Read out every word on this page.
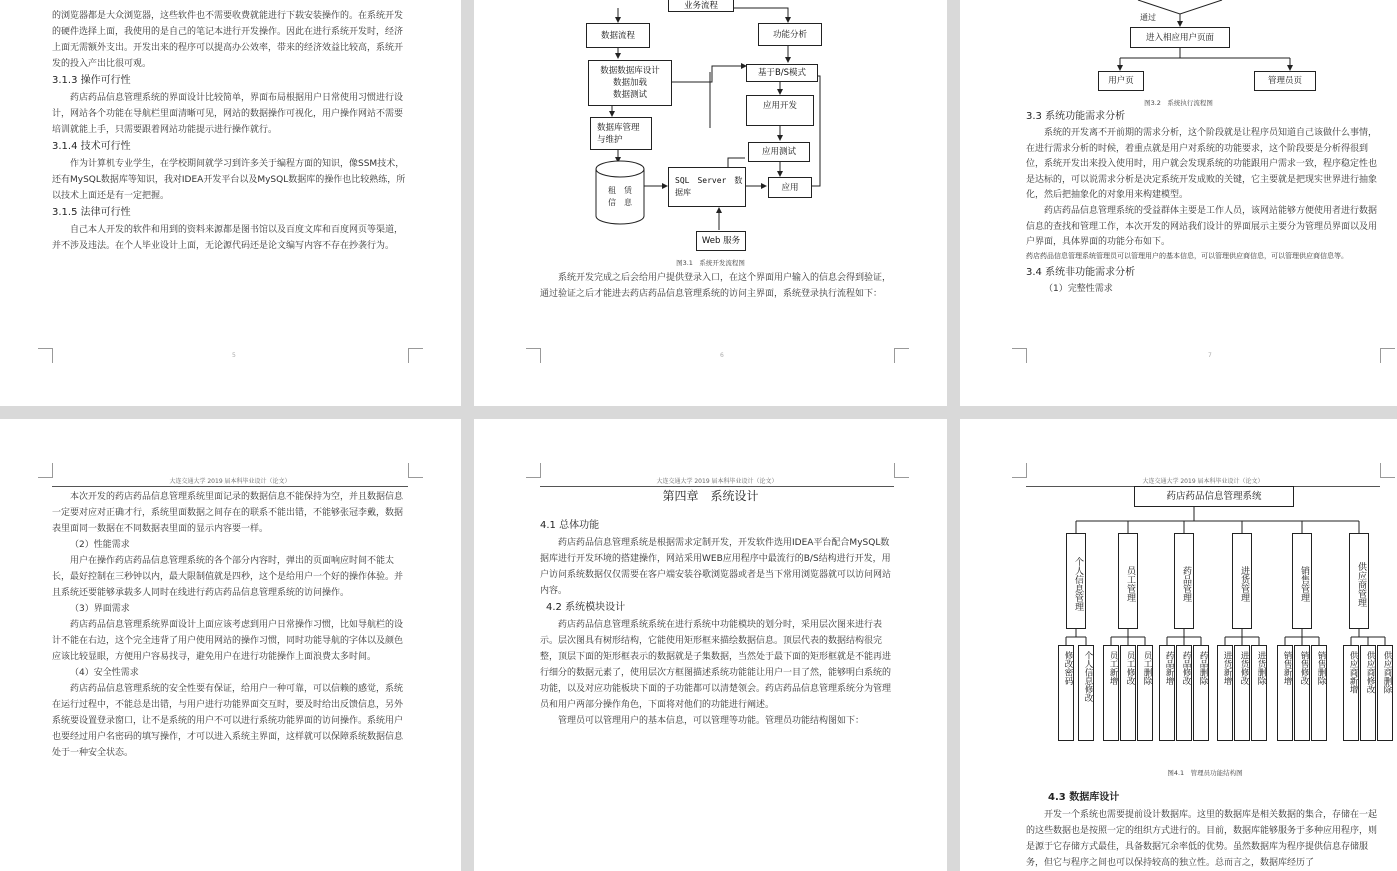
的浏览器都是大众浏览器，这些软件也不需要收费就能进行下载安装操作的。在系统开发的硬件选择上面，我使用的是自己的笔记本进行开发操作。因此在进行系统开发时，经济上面无需额外支出。开发出来的程序可以提高办公效率，带来的经济效益比较高，系统开发的投入产出比很可观。

3.1.3 操作可行性

药店药品信息管理系统的界面设计比较简单，界面布局根据用户日常使用习惯进行设计，网站各个功能在导航栏里面清晰可见，网站的数据操作可视化，用户操作网站不需要培训就能上手，只需要跟着网站功能提示进行操作就行。

3.1.4 技术可行性

作为计算机专业学生，在学校期间就学习到许多关于编程方面的知识，像SSM技术，还有MySQL数据库等知识，我对IDEA开发平台以及MySQL数据库的操作也比较熟练，所以技术上面还是有一定把握。

3.1.5 法律可行性

自己本人开发的软件和用到的资料来源都是图书馆以及百度文库和百度网页等渠道，并不涉及违法。在个人毕业设计上面，无论源代码还是论文编写内容不存在抄袭行为。

5
业务流程
数据流程	功能分析
数据数据库设计
数据加载
数据测试
基于B/S模式
数据库管理
与维护
应用开发
租　赁
信　息
SQL　Server　数
据库
应用测试
应用
Web 服务
图3.1　系统开发流程图

系统开发完成之后会给用户提供登录入口，在这个界面用户输入的信息会得到验证，通过验证之后才能进去药店药品信息管理系统的访问主界面，系统登录执行流程如下：

6
通过
进入相应用户页面
用户页	管理员页
图3.2　系统执行流程图
3.3 系统功能需求分析

系统的开发离不开前期的需求分析，这个阶段就是让程序员知道自己该做什么事情，在进行需求分析的时候，着重点就是用户对系统的功能要求，这个阶段要是分析得很到位，系统开发出来投入使用时，用户就会发现系统的功能跟用户需求一致，程序稳定性也是达标的，可以说需求分析是决定系统开发成败的关键，它主要就是把现实世界进行抽象化，然后把抽象化的对象用来构建模型。

药店药品信息管理系统的受益群体主要是工作人员，该网站能够方便使用者进行数据信息的查找和管理工作，本次开发的网站我们设计的界面展示主要分为管理员界面以及用户界面，具体界面的功能分布如下。

药店药品信息管理系统管理员可以管理用户的基本信息，可以管理供应商信息，可以管理供应商信息等。

3.4 系统非功能需求分析
（1）完整性需求
7
大连交通大学 2019 届本科毕业设计（论文）

本次开发的药店药品信息管理系统里面记录的数据信息不能保持为空，并且数据信息一定要对应对正确才行，系统里面数据之间存在的联系不能出错，不能够张冠李戴，数据表里面同一数据在不同数据表里面的显示内容要一样。

（2）性能需求

用户在操作药店药品信息管理系统的各个部分内容时，弹出的页面响应时间不能太长，最好控制在三秒钟以内，最大限制值就是四秒，这个是给用户一个好的操作体验。并且系统还要能够承载多人同时在线进行药店药品信息管理系统的访问操作。

（3）界面需求

药店药品信息管理系统界面设计上面应该考虑到用户日常操作习惯，比如导航栏的设计不能在右边，这个完全违背了用户使用网站的操作习惯，同时功能导航的字体以及颜色应该比较显眼，方便用户容易找寻，避免用户在进行功能操作上面浪费太多时间。

（4）安全性需求

药店药品信息管理系统的安全性要有保证，给用户一种可靠，可以信赖的感觉，系统在运行过程中，不能总是出错，与用户进行功能界面交互时，要及时给出反馈信息，另外系统要设置登录窗口，让不是系统的用户不可以进行系统功能界面的访问操作。系统用户也要经过用户名密码的填写操作，才可以进入系统主界面，这样就可以保障系统数据信息处于一种安全状态。

大连交通大学 2019 届本科毕业设计（论文）
第四章　系统设计
4.1 总体功能

药店药品信息管理系统是根据需求定制开发，开发软件选用IDEA平台配合MySQL数据库进行开发环境的搭建操作，网站采用WEB应用程序中最流行的B/S结构进行开发，用户访问系统数据仅仅需要在客户端安装谷歌浏览器或者是当下常用浏览器就可以访问网站内容。

4.2 系统模块设计

药店药品信息管理系统系统在进行系统中功能模块的划分时，采用层次图来进行表示。层次图具有树形结构，它能使用矩形框来描绘数据信息。顶层代表的数据结构很完整，顶层下面的矩形框表示的数据就是子集数据，当然处于最下面的矩形框就是不能再进行细分的数据元素了，使用层次方框图描述系统功能能让用户一目了然，能够明白系统的功能，以及对应功能板块下面的子功能都可以清楚领会。药店药品信息管理系统分为管理员和用户两部分操作角色，下面将对他们的功能进行阐述。

管理员可以管理用户的基本信息，可以管理等功能。管理员功能结构图如下：

大连交通大学 2019 届本科毕业设计（论文）
药店药品信息管理系统
个人信息管理	员工管理	药品管理	进货管理	销售管理	供应商管理
修改密码	个人信息修改	员工新增 员工修改 员工删除	药品新增 药品修改 药品删除	进货新增 进货修改 进货删除	销售新增 销售修改 销售删除	供应商新增 供应商修改 供应商删除
图4.1　管理员功能结构图
4.3 数据库设计

开发一个系统也需要提前设计数据库。这里的数据库是相关数据的集合，存储在一起的这些数据也是按照一定的组织方式进行的。目前，数据库能够服务于多种应用程序，则是源于它存储方式最佳，具备数据冗余率低的优势。虽然数据库为程序提供信息存储服务，但它与程序之间也可以保持较高的独立性。总而言之，数据库经历了
